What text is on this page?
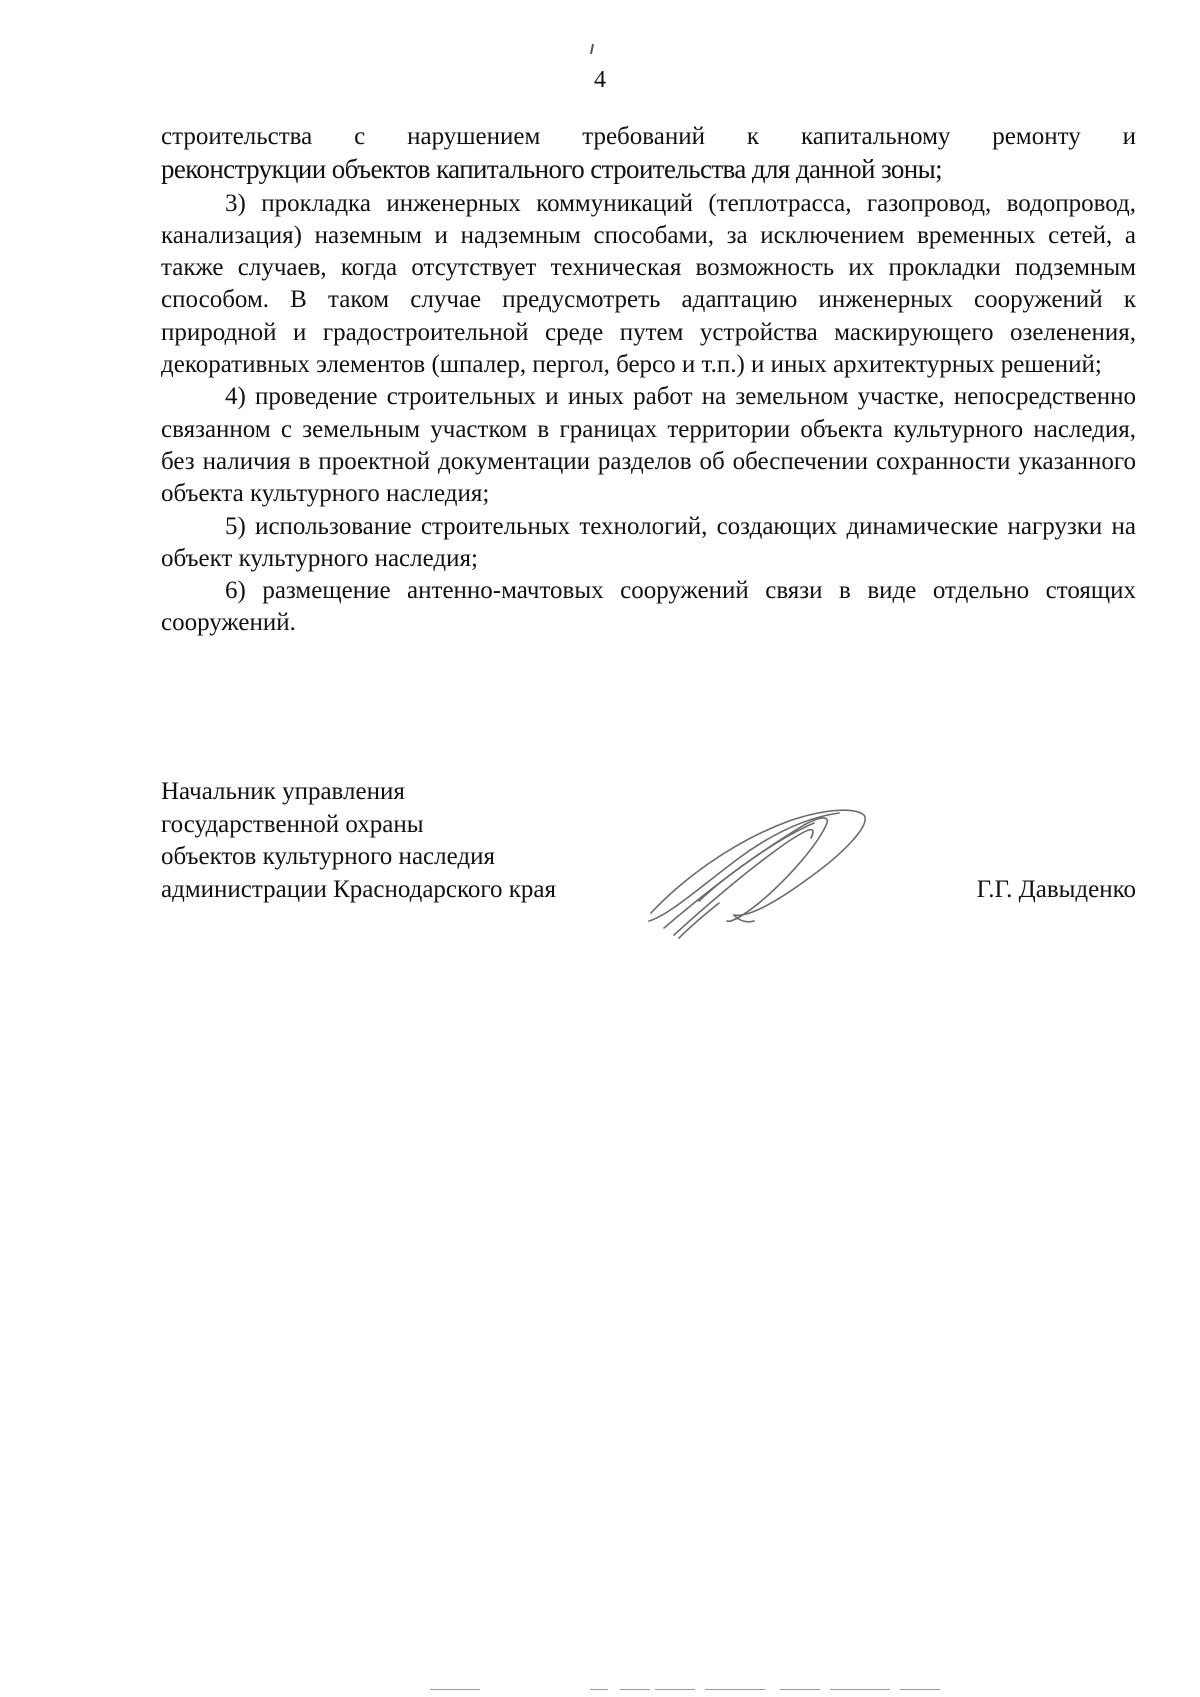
4

строительства с нарушением требований к капитальному ремонту и

реконструкции объектов капитального строительства для данной зоны;

3) прокладка инженерных коммуникаций (теплотрасса, газопровод, водопровод, канализация) наземным и надземным способами, за исключением временных сетей, а также случаев, когда отсутствует техническая возможность их прокладки подземным способом. В таком случае предусмотреть адаптацию инженерных сооружений к природной и градостроительной среде путем устройства маскирующего озеленения, декоративных элементов (шпалер, пергол, берсо и т.п.) и иных архитектурных решений;

4) проведение строительных и иных работ на земельном участке, непосредственно связанном с земельным участком в границах территории объекта культурного наследия, без наличия в проектной документации разделов об обеспечении сохранности указанного объекта культурного наследия;

5) использование строительных технологий, создающих динамические нагрузки на объект культурного наследия;

6) размещение антенно-мачтовых сооружений связи в виде отдельно стоящих сооружений.

Начальник управления
государственной охраны
объектов культурного наследия
администрации Краснодарского края	Г.Г. Давыденко
